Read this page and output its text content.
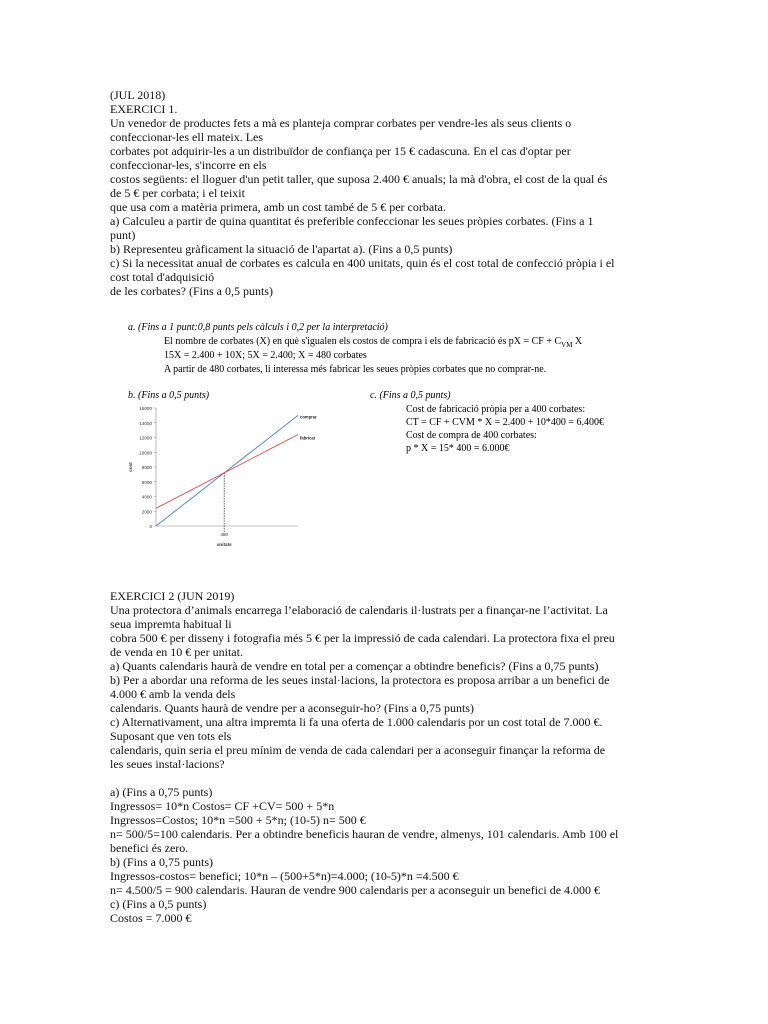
(JUL 2018)
EXERCICI 1.
Un venedor de productes fets a mà es planteja comprar corbates per vendre-les als seus clients o
confeccionar-les ell mateix. Les
corbates pot adquirir-les a un distribuïdor de confiança per 15 € cadascuna. En el cas d'optar per
confeccionar-les, s'incorre en els
costos següents: el lloguer d'un petit taller, que suposa 2.400 € anuals; la mà d'obra, el cost de la qual és
de 5 € per corbata; i el teixit
que usa com a matèria primera, amb un cost també de 5 € per corbata.
a) Calculeu a partir de quina quantitat és preferible confeccionar les seues pròpies corbates. (Fins a 1
punt)
b) Representeu gràficament la situació de l'apartat a). (Fins a 0,5 punts)
c) Si la necessitat anual de corbates es calcula en 400 unitats, quin és el cost total de confecció pròpia i el
cost total d'adquisició
de les corbates? (Fins a 0,5 punts)
a. (Fins a 1 punt:0,8 punts pels càlculs i 0,2 per la interpretació)
El nombre de corbates (X) en què s'igualen els costos de compra i els de fabricació és pX = CF + $C_{VM}$ X
15X = 2.400 + 10X; 5X = 2.400; X = 480 corbates
A partir de 480 corbates, li interessa més fabricar les seues pròpies corbates que no comprar-ne.
b. (Fins a 0,5 punts)	c. (Fins a 0,5 punts)
Cost de fabricació pròpia per a 400 corbates:
CT = CF + CVM * X = 2.400 + 10*400 = 6.400€
Cost de compra de 400 corbates:
p * X = 15* 400 = 6.000€
0
2000
4000
6000
8000
10000
12000
14000
16000
cost
comprar
fabricar
480
unitats
EXERCICI 2 (JUN 2019)
Una protectora d’animals encarrega l’elaboració de calendaris il·lustrats per a finançar-ne l’activitat. La
seua impremta habitual li
cobra 500 € per disseny i fotografia més 5 € per la impressió de cada calendari. La protectora fixa el preu
de venda en 10 € per unitat.
a) Quants calendaris haurà de vendre en total per a començar a obtindre beneficis? (Fins a 0,75 punts)
b) Per a abordar una reforma de les seues instal·lacions, la protectora es proposa arribar a un benefici de
4.000 € amb la venda dels
calendaris. Quants haurà de vendre per a aconseguir-ho? (Fins a 0,75 punts)
c) Alternativament, una altra impremta li fa una oferta de 1.000 calendaris por un cost total de 7.000 €.
Suposant que ven tots els
calendaris, quin seria el preu mínim de venda de cada calendari per a aconseguir finançar la reforma de
les seues instal·lacions?
a) (Fins a 0,75 punts)
Ingressos= 10*n Costos= CF +CV= 500 + 5*n
Ingressos=Costos; 10*n =500 + 5*n; (10-5) n= 500 €
n= 500/5=100 calendaris. Per a obtindre beneficis hauran de vendre, almenys, 101 calendaris. Amb 100 el
benefici és zero.
b) (Fins a 0,75 punts)
Ingressos-costos= benefici; 10*n – (500+5*n)=4.000; (10-5)*n =4.500 €
n= 4.500/5 = 900 calendaris. Hauran de vendre 900 calendaris per a aconseguir un benefici de 4.000 €
c) (Fins a 0,5 punts)
Costos = 7.000 €
